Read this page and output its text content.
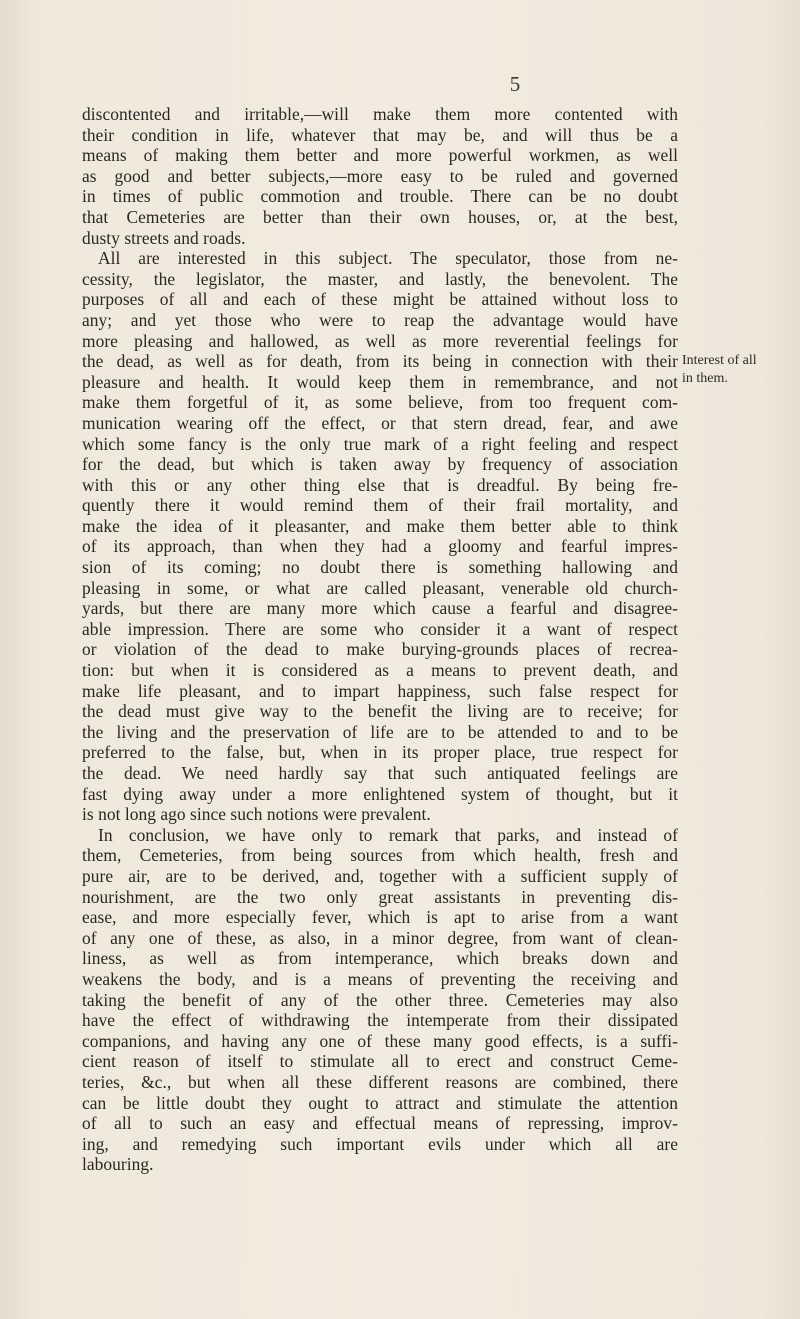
5
discontented and irritable,—will make them more contented with
their condition in life, whatever that may be, and will thus be a
means of making them better and more powerful workmen, as well
as good and better subjects,—more easy to be ruled and governed
in times of public commotion and trouble. There can be no doubt
that Cemeteries are better than their own houses, or, at the best,
dusty streets and roads.
All are interested in this subject. The speculator, those from ne-
cessity, the legislator, the master, and lastly, the benevolent. The
purposes of all and each of these might be attained without loss to
any; and yet those who were to reap the advantage would have
more pleasing and hallowed, as well as more reverential feelings for
the dead, as well as for death, from its being in connection with their
pleasure and health. It would keep them in remembrance, and not
make them forgetful of it, as some believe, from too frequent com-
munication wearing off the effect, or that stern dread, fear, and awe
which some fancy is the only true mark of a right feeling and respect
for the dead, but which is taken away by frequency of association
with this or any other thing else that is dreadful. By being fre-
quently there it would remind them of their frail mortality, and
make the idea of it pleasanter, and make them better able to think
of its approach, than when they had a gloomy and fearful impres-
sion of its coming; no doubt there is something hallowing and
pleasing in some, or what are called pleasant, venerable old church-
yards, but there are many more which cause a fearful and disagree-
able impression. There are some who consider it a want of respect
or violation of the dead to make burying-grounds places of recrea-
tion: but when it is considered as a means to prevent death, and
make life pleasant, and to impart happiness, such false respect for
the dead must give way to the benefit the living are to receive; for
the living and the preservation of life are to be attended to and to be
preferred to the false, but, when in its proper place, true respect for
the dead. We need hardly say that such antiquated feelings are
fast dying away under a more enlightened system of thought, but it
is not long ago since such notions were prevalent.
In conclusion, we have only to remark that parks, and instead of
them, Cemeteries, from being sources from which health, fresh and
pure air, are to be derived, and, together with a sufficient supply of
nourishment, are the two only great assistants in preventing dis-
ease, and more especially fever, which is apt to arise from a want
of any one of these, as also, in a minor degree, from want of clean-
liness, as well as from intemperance, which breaks down and
weakens the body, and is a means of preventing the receiving and
taking the benefit of any of the other three. Cemeteries may also
have the effect of withdrawing the intemperate from their dissipated
companions, and having any one of these many good effects, is a suffi-
cient reason of itself to stimulate all to erect and construct Ceme-
teries, &c., but when all these different reasons are combined, there
can be little doubt they ought to attract and stimulate the attention
of all to such an easy and effectual means of repressing, improv-
ing, and remedying such important evils under which all are
labouring.
Interest of all
in them.
